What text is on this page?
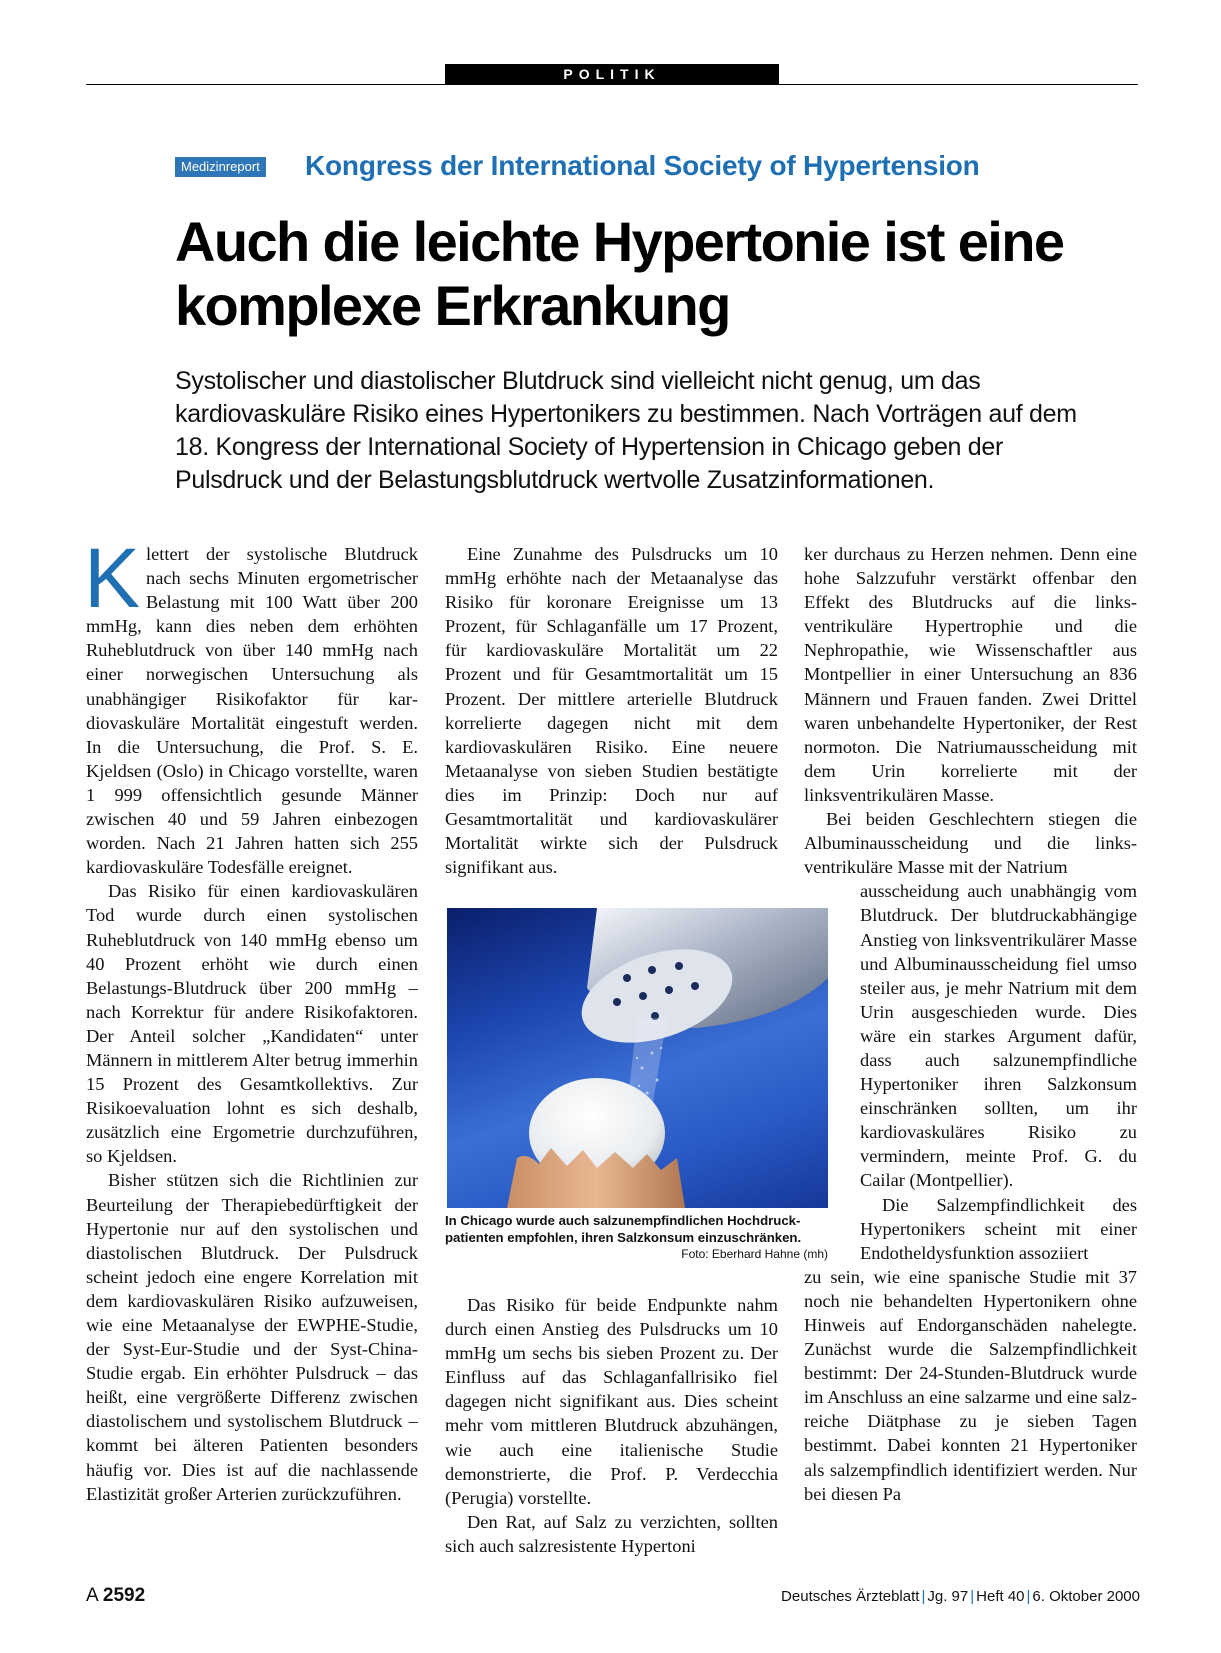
POLITIK
Medizinreport Kongress der International Society of Hypertension
Auch die leichte Hypertonie ist eine komplexe Erkrankung

Systolischer und diastolischer Blutdruck sind vielleicht nicht genug, um das kardiovaskuläre Risiko eines Hypertonikers zu bestimmen. Nach Vorträgen auf dem 18. Kongress der International Society of Hypertension in Chicago geben der Pulsdruck und der Belastungsblutdruck wertvolle Zusatzinformationen.

K lettert der systolische Blutdruck nach sechs Minuten ergometrischer Belastung mit 100 Watt über 200 mmHg, kann dies neben dem erhöhten Ruheblutdruck von über 140 mmHg nach einer norwegischen Untersuchung als unabhängiger Risikofaktor für kardiovaskuläre Mortalität eingestuft werden. In die Untersuchung, die Prof. S. E. Kjeldsen (Oslo) in Chicago vorstellte, waren 1 999 offensichtlich gesunde Männer zwischen 40 und 59 Jahren einbezogen worden. Nach 21 Jahren hatten sich 255 kardiovaskuläre Todesfälle ereignet.

Das Risiko für einen kardiovaskulären Tod wurde durch einen systolischen Ruheblutdruck von 140 mmHg ebenso um 40 Prozent erhöht wie durch einen Belastungs-Blutdruck über 200 mmHg – nach Korrektur für andere Risikofaktoren. Der Anteil solcher „Kandidaten“ unter Männern in mittlerem Alter betrug immerhin 15 Prozent des Gesamtkollektivs. Zur Risikoevaluation lohnt es sich deshalb, zusätzlich eine Ergometrie durchzuführen, so Kjeldsen.

Bisher stützen sich die Richtlinien zur Beurteilung der Therapiebedürftigkeit der Hypertonie nur auf den systolischen und diastolischen Blutdruck. Der Pulsdruck scheint jedoch eine engere Korrelation mit dem kardiovaskulären Risiko aufzuweisen, wie eine Metaanalyse der EWPHE-Studie, der Syst-Eur-Studie und der Syst-China-Studie ergab. Ein erhöhter Pulsdruck – das heißt, eine vergrößerte Differenz zwischen diastolischem und systolischem Blutdruck – kommt bei älteren Patienten besonders häufig vor. Dies ist auf die nachlassende Elastizität großer Arterien zurückzuführen.

Eine Zunahme des Pulsdrucks um 10 mmHg erhöhte nach der Metaanalyse das Risiko für koronare Ereignisse um 13 Prozent, für Schlaganfälle um 17 Prozent, für kardiovaskuläre Mortalität um 22 Prozent und für Gesamtmortalität um 15 Prozent. Der mittlere arterielle Blutdruck korrelierte dagegen nicht mit dem kardiovaskulären Risiko. Eine neuere Metaanalyse von sieben Studien bestätigte dies im Prinzip: Doch nur auf Gesamtmortalität und kardiovaskulärer Mortalität wirkte sich der Pulsdruck signifikant aus.

In Chicago wurde auch salzunempfindlichen Hochdruckpatienten empfohlen, ihren Salzkonsum einzuschränken.
Foto: Eberhard Hahne (mh)

Das Risiko für beide Endpunkte nahm durch einen Anstieg des Pulsdrucks um 10 mmHg um sechs bis sieben Prozent zu. Der Einfluss auf das Schlaganfallrisiko fiel dagegen nicht signifikant aus. Dies scheint mehr vom mittleren Blutdruck abzuhängen, wie auch eine italienische Studie demonstrierte, die Prof. P. Verdecchia (Perugia) vorstellte.

Den Rat, auf Salz zu verzichten, sollten sich auch salzresistente Hypertoni

ker durchaus zu Herzen nehmen. Denn eine hohe Salzzufuhr verstärkt offenbar den Effekt des Blutdrucks auf die linksventrikuläre Hypertrophie und die Nephropathie, wie Wissenschaftler aus Montpellier in einer Untersuchung an 836 Männern und Frauen fanden. Zwei Drittel waren unbehandelte Hypertoniker, der Rest normoton. Die Natriumausscheidung mit dem Urin korrelierte mit der linksventrikulären Masse.

Bei beiden Geschlechtern stiegen die Albuminausscheidung und die linksventrikuläre Masse mit der Natrium

ausscheidung auch unabhängig vom Blutdruck. Der blutdruckabhängige Anstieg von linksventrikulärer Masse und Albuminausscheidung fiel umso steiler aus, je mehr Natrium mit dem Urin ausgeschieden wurde. Dies wäre ein starkes Argument dafür, dass auch salzunempfindliche Hypertoniker ihren Salzkonsum einschränken sollten, um ihr kardiovaskuläres Risiko zu vermindern, meinte Prof. G. du Cailar (Montpellier).

Die Salzempfindlichkeit des Hypertonikers scheint mit einer Endotheldysfunktion assoziiert

zu sein, wie eine spanische Studie mit 37 noch nie behandelten Hypertonikern ohne Hinweis auf Endorganschäden nahelegte. Zunächst wurde die Salzempfindlichkeit bestimmt: Der 24-Stunden-Blutdruck wurde im Anschluss an eine salzarme und eine salzreiche Diätphase zu je sieben Tagen bestimmt. Dabei konnten 21 Hypertoniker als salzempfindlich identifiziert werden. Nur bei diesen Pa

A 2592	Deutsches Ärzteblatt | Jg. 97 | Heft 40 | 6. Oktober 2000
